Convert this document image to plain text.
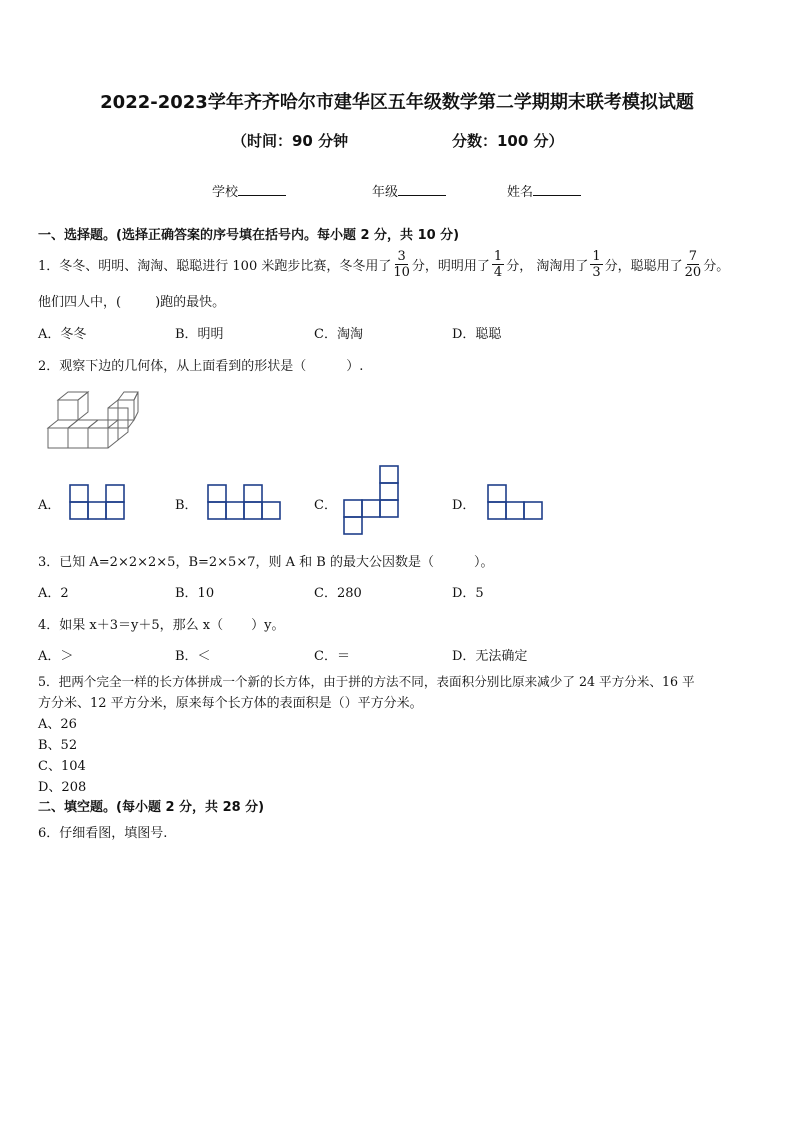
2022-2023学年齐齐哈尔市建华区五年级数学第二学期期末联考模拟试题
（时间：90 分钟	分数：100 分）
学校	年级	姓名
一、选择题。(选择正确答案的序号填在括号内。每小题 2 分，共 10 分)
1．冬冬、明明、淘淘、聪聪进行 100 米跑步比赛，冬冬用了 $\frac{3}{10}$ 分，明明用了 $\frac{1}{4}$ 分， 淘淘用了 $\frac{1}{3}$ 分，聪聪用了 $\frac{7}{20}$ 分。
他们四人中，(	)跑的最快。
A．冬冬	B．明明	C．淘淘	D．聪聪
2．观察下边的几何体，从上面看到的形状是（	）.
A．	B．	C．	D．
3．已知 A=2×2×2×5，B=2×5×7，则 A 和 B 的最大公因数是（	）。
A．2	B．10	C．280	D．5
4．如果 x＋3＝y＋5，那么 x（ ）y。
A．＞	B．＜	C．＝	D．无法确定
5．把两个完全一样的长方体拼成一个新的长方体，由于拼的方法不同，表面积分别比原来减少了 24 平方分米、16 平
方分米、12 平方分米，原来每个长方体的表面积是（）平方分米。
A、26
B、52
C、104
D、208
二、填空题。(每小题 2 分，共 28 分)
6．仔细看图，填图号.
